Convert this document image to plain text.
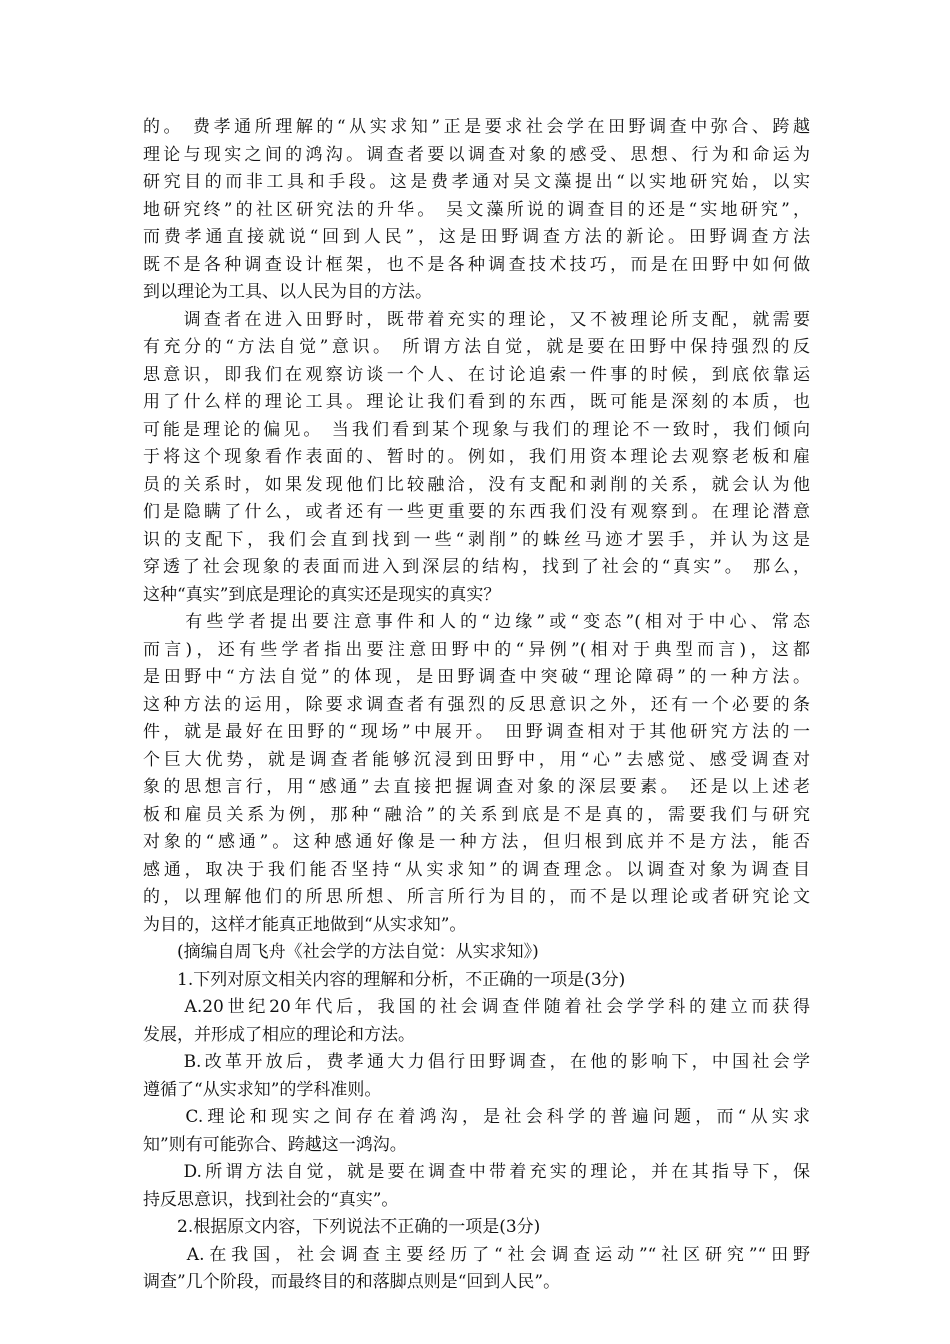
的。 费孝通所理解的“从实求知”正是要求社会学在田野调查中弥合、跨越
理论与现实之间的鸿沟。调查者要以调查对象的感受、思想、行为和命运为
研究目的而非工具和手段。这是费孝通对吴文藻提出“以实地研究始，以实
地研究终”的社区研究法的升华。 吴文藻所说的调查目的还是“实地研究”，
而费孝通直接就说“回到人民”，这是田野调查方法的新论。田野调查方法
既不是各种调查设计框架，也不是各种调查技术技巧，而是在田野中如何做
到以理论为工具、以人民为目的方法。
　　调查者在进入田野时，既带着充实的理论，又不被理论所支配，就需要
有充分的“方法自觉”意识。 所谓方法自觉，就是要在田野中保持强烈的反
思意识，即我们在观察访谈一个人、在讨论追索一件事的时候，到底依靠运
用了什么样的理论工具。理论让我们看到的东西，既可能是深刻的本质，也
可能是理论的偏见。 当我们看到某个现象与我们的理论不一致时，我们倾向
于将这个现象看作表面的、暂时的。例如，我们用资本理论去观察老板和雇
员的关系时，如果发现他们比较融洽，没有支配和剥削的关系，就会认为他
们是隐瞒了什么，或者还有一些更重要的东西我们没有观察到。在理论潜意
识的支配下，我们会直到找到一些“剥削”的蛛丝马迹才罢手，并认为这是
穿透了社会现象的表面而进入到深层的结构，找到了社会的“真实”。 那么，
这种“真实”到底是理论的真实还是现实的真实？
　　有些学者提出要注意事件和人的“边缘”或“变态”(相对于中心、常态
而言)，还有些学者指出要注意田野中的“异例”(相对于典型而言)，这都
是田野中“方法自觉”的体现，是田野调查中突破“理论障碍”的一种方法。
这种方法的运用，除要求调查者有强烈的反思意识之外，还有一个必要的条
件，就是最好在田野的“现场”中展开。 田野调查相对于其他研究方法的一
个巨大优势，就是调查者能够沉浸到田野中，用“心”去感觉、感受调查对
象的思想言行，用“感通”去直接把握调查对象的深层要素。 还是以上述老
板和雇员关系为例，那种“融洽”的关系到底是不是真的，需要我们与研究
对象的“感通”。这种感通好像是一种方法，但归根到底并不是方法，能否
感通，取决于我们能否坚持“从实求知”的调查理念。以调查对象为调查目
的，以理解他们的所思所想、所言所行为目的，而不是以理论或者研究论文
为目的，这样才能真正地做到“从实求知”。
　　(摘编自周飞舟《社会学的方法自觉：从实求知》)
　　1.下列对原文相关内容的理解和分析，不正确的一项是(3分)
　　A.20世纪20年代后，我国的社会调查伴随着社会学学科的建立而获得
发展，并形成了相应的理论和方法。
　　B.改革开放后，费孝通大力倡行田野调查，在他的影响下，中国社会学
遵循了“从实求知”的学科准则。
　　C.理论和现实之间存在着鸿沟，是社会科学的普遍问题，而“从实求
知”则有可能弥合、跨越这一鸿沟。
　　D.所谓方法自觉，就是要在调查中带着充实的理论，并在其指导下，保
持反思意识，找到社会的“真实”。
　　2.根据原文内容，下列说法不正确的一项是(3分)
　　A.在我国，社会调查主要经历了“社会调查运动”“社区研究”“田野
调查”几个阶段，而最终目的和落脚点则是“回到人民”。
